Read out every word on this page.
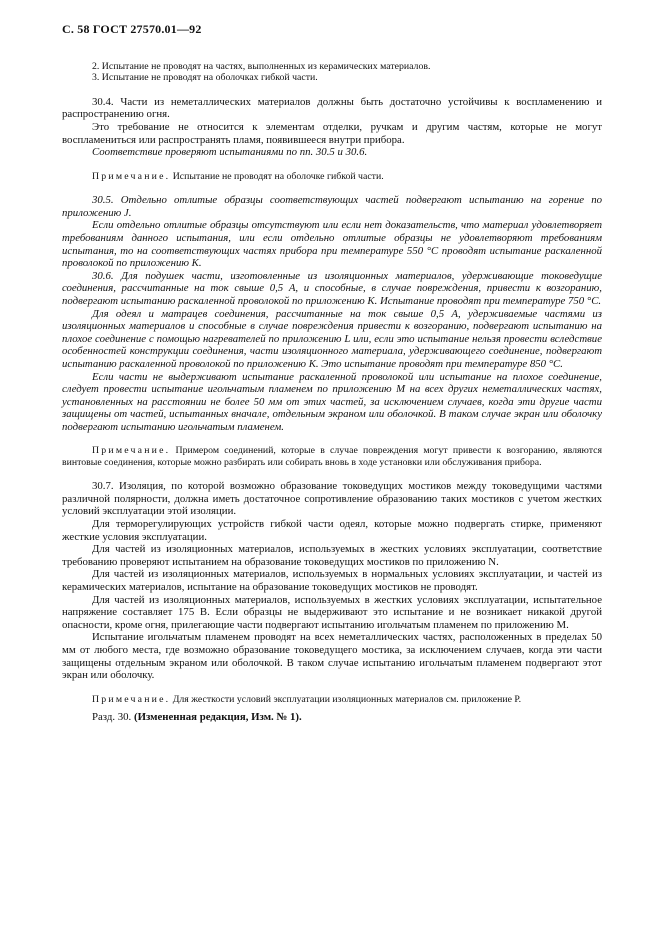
С. 58 ГОСТ 27570.01—92

2. Испытание не проводят на частях, выполненных из керамических материалов.

3. Испытание не проводят на оболочках гибкой части.

30.4. Части из неметаллических материалов должны быть достаточно устойчивы к воспламенению и распространению огня.

Это требование не относится к элементам отделки, ручкам и другим частям, которые не могут воспламениться или распространять пламя, появившееся внутри прибора.

Соответствие проверяют испытаниями по пп. 30.5 и 30.6.

Примечание. Испытание не проводят на оболочке гибкой части.

30.5. Отдельно отлитые образцы соответствующих частей подвергают испытанию на горение по приложению J.

Если отдельно отлитые образцы отсутствуют или если нет доказательств, что материал удовлетворяет требованиям данного испытания, или если отдельно отлитые образцы не удовлетворяют требованиям испытания, то на соответствующих частях прибора при температуре 550 °С проводят испытание раскаленной проволокой по приложению К.

30.6. Для подушек части, изготовленные из изоляционных материалов, удерживающие токоведущие соединения, рассчитанные на ток свыше 0,5 А, и способные, в случае повреждения, привести к возгоранию, подвергают испытанию раскаленной проволокой по приложению К. Испытание проводят при температуре 750 °С.

Для одеял и матрацев соединения, рассчитанные на ток свыше 0,5 А, удерживаемые частями из изоляционных материалов и способные в случае повреждения привести к возгоранию, подвергают испытанию на плохое соединение с помощью нагревателей по приложению L или, если это испытание нельзя провести вследствие особенностей конструкции соединения, части изоляционного материала, удерживающего соединение, подвергают испытанию раскаленной проволокой по приложению К. Это испытание проводят при температуре 850 °С.

Если части не выдерживают испытание раскаленной проволокой или испытание на плохое соединение, следует провести испытание игольчатым пламенем по приложению М на всех других неметаллических частях, установленных на расстоянии не более 50 мм от этих частей, за исключением случаев, когда эти другие части защищены от частей, испытанных вначале, отдельным экраном или оболочкой. В таком случае экран или оболочку подвергают испытанию игольчатым пламенем.

Примечание. Примером соединений, которые в случае повреждения могут привести к возгоранию, являются винтовые соединения, которые можно разбирать или собирать вновь в ходе установки или обслуживания прибора.

30.7. Изоляция, по которой возможно образование токоведущих мостиков между токоведущими частями различной полярности, должна иметь достаточное сопротивление образованию таких мостиков с учетом жестких условий эксплуатации этой изоляции.

Для терморегулирующих устройств гибкой части одеял, которые можно подвергать стирке, применяют жесткие условия эксплуатации.

Для частей из изоляционных материалов, используемых в жестких условиях эксплуатации, соответствие требованию проверяют испытанием на образование токоведущих мостиков по приложению N.

Для частей из изоляционных материалов, используемых в нормальных условиях эксплуатации, и частей из керамических материалов, испытание на образование токоведущих мостиков не проводят.

Для частей из изоляционных материалов, используемых в жестких условиях эксплуатации, испытательное напряжение составляет 175 В. Если образцы не выдерживают это испытание и не возникает никакой другой опасности, кроме огня, прилегающие части подвергают испытанию игольчатым пламенем по приложению М.

Испытание игольчатым пламенем проводят на всех неметаллических частях, расположенных в пределах 50 мм от любого места, где возможно образование токоведущего мостика, за исключением случаев, когда эти части защищены отдельным экраном или оболочкой. В таком случае испытанию игольчатым пламенем подвергают этот экран или оболочку.

Примечание. Для жесткости условий эксплуатации изоляционных материалов см. приложение Р.

Разд. 30. (Измененная редакция, Изм. № 1).
